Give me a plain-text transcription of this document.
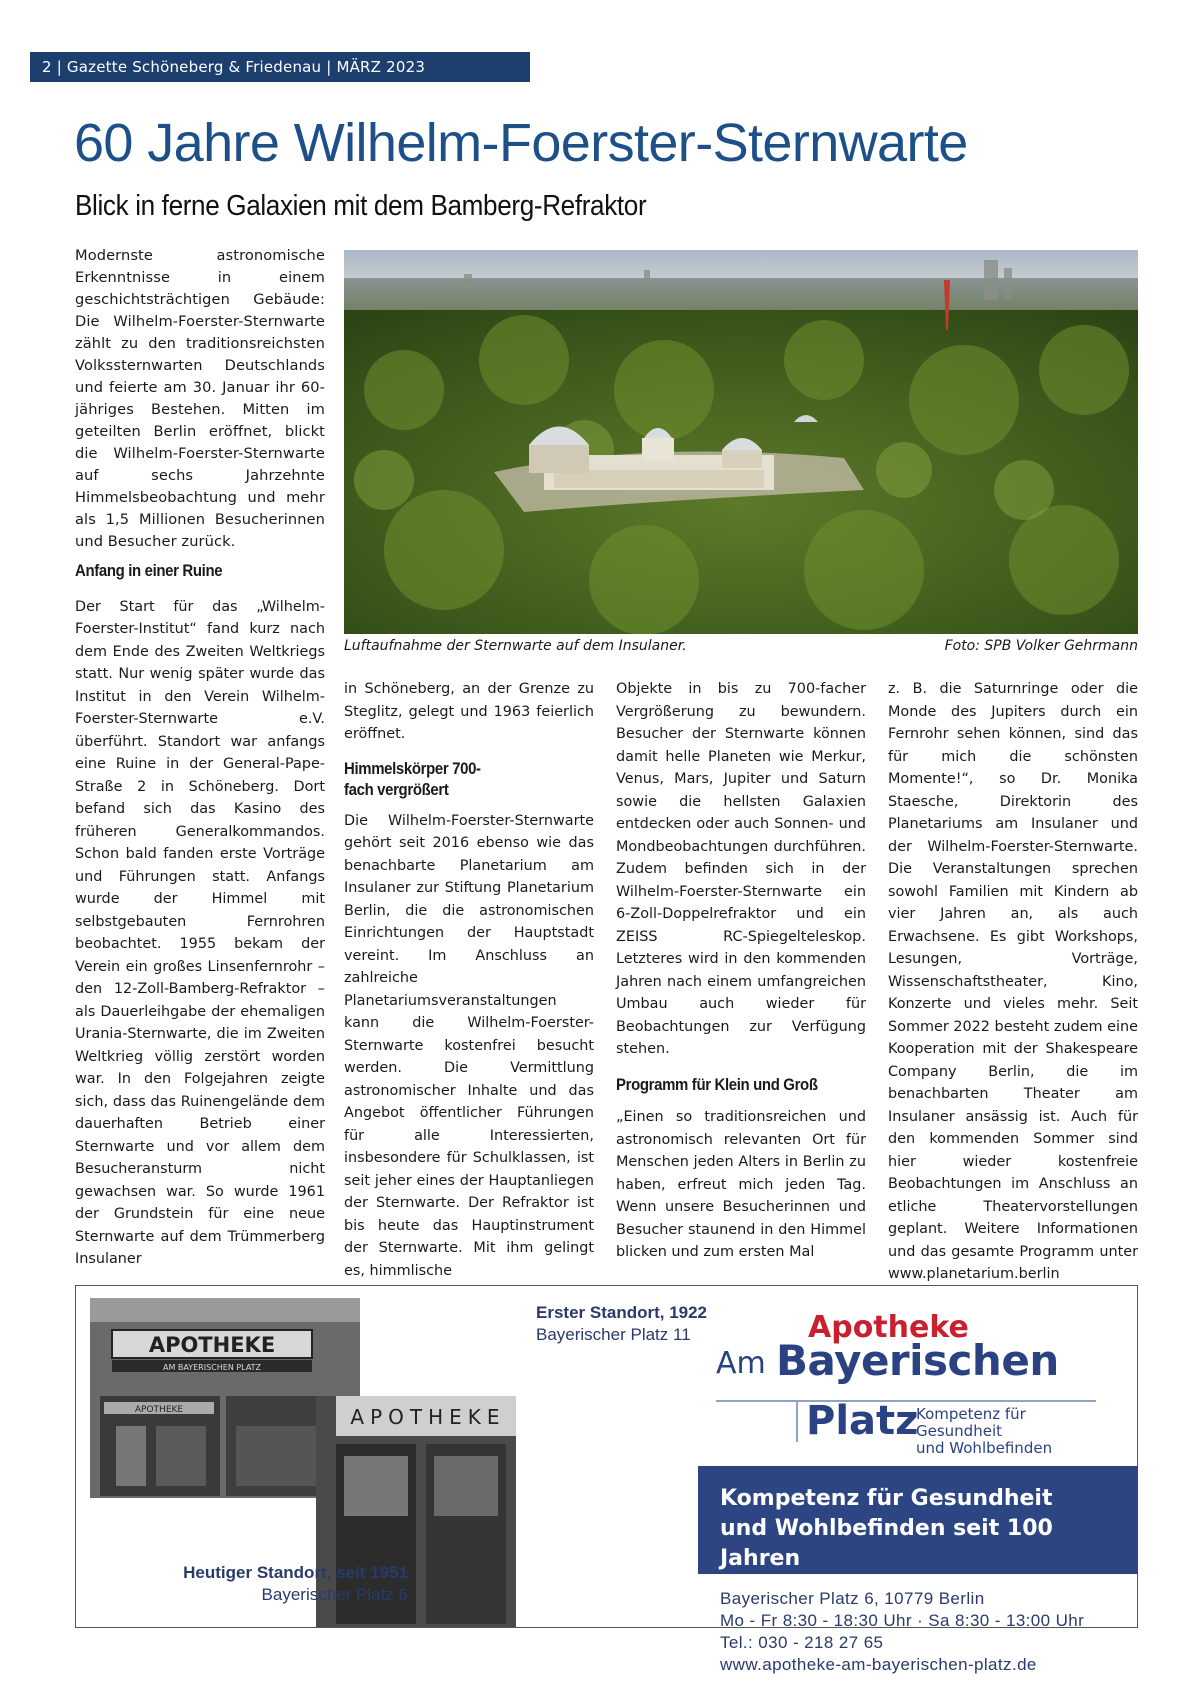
2 | Gazette Schöneberg & Friedenau | MÄRZ 2023
60 Jahre Wilhelm-Foerster-Sternwarte
Blick in ferne Galaxien mit dem Bamberg-Refraktor
Modernste astronomische Erkenntnisse in einem geschichtsträchtigen Gebäude: Die Wilhelm-Foerster-Sternwarte zählt zu den traditionsreichsten Volkssternwarten Deutschlands und feierte am 30. Januar ihr 60-jähriges Bestehen. Mitten im geteilten Berlin eröffnet, blickt die Wilhelm-Foerster-Sternwarte auf sechs Jahrzehnte Himmelsbeobachtung und mehr als 1,5 Millionen Besucherinnen und Besucher zurück.
Luftaufnahme der Sternwarte auf dem Insulaner.	Foto: SPB Volker Gehrmann
Anfang in einer Ruine

Der Start für das „Wilhelm-Foerster-Institut“ fand kurz nach dem Ende des Zweiten Weltkriegs statt. Nur wenig später wurde das Institut in den Verein Wilhelm-Foerster-Sternwarte e.V. überführt. Standort war anfangs eine Ruine in der General-Pape-Straße 2 in Schöneberg. Dort befand sich das Kasino des früheren Generalkommandos. Schon bald fanden erste Vorträge und Führungen statt. Anfangs wurde der Himmel mit selbstgebauten Fernrohren beobachtet. 1955 bekam der Verein ein großes Linsenfernrohr – den 12-Zoll-Bamberg-Refraktor – als Dauerleihgabe der ehemaligen Urania-Sternwarte, die im Zweiten Weltkrieg völlig zerstört worden war. In den Folgejahren zeigte sich, dass das Ruinengelände dem dauerhaften Betrieb einer Sternwarte und vor allem dem Besucheransturm nicht gewachsen war. So wurde 1961 der Grundstein für eine neue Sternwarte auf dem Trümmerberg Insulaner

in Schöneberg, an der Grenze zu Steglitz, gelegt und 1963 feierlich eröffnet.

Himmelskörper 700-
fach vergrößert

Die Wilhelm-Foerster-Sternwarte gehört seit 2016 ebenso wie das benachbarte Planetarium am Insulaner zur Stiftung Planetarium Berlin, die die astronomischen Einrichtungen der Hauptstadt vereint. Im Anschluss an zahlreiche Planetariumsveranstaltungen kann die Wilhelm-Foerster-Sternwarte kostenfrei besucht werden. Die Vermittlung astronomischer Inhalte und das Angebot öffentlicher Führungen für alle Interessierten, insbesondere für Schulklassen, ist seit jeher eines der Hauptanliegen der Sternwarte. Der Refraktor ist bis heute das Hauptinstrument der Sternwarte. Mit ihm gelingt es, himmlische

Objekte in bis zu 700-facher Vergrößerung zu bewundern. Besucher der Sternwarte können damit helle Planeten wie Merkur, Venus, Mars, Jupiter und Saturn sowie die hellsten Galaxien entdecken oder auch Sonnen- und Mondbeobachtungen durchführen. Zudem befinden sich in der Wilhelm-Foerster-Sternwarte ein 6-Zoll-Doppelrefraktor und ein ZEISS RC-Spiegelteleskop. Letzteres wird in den kommenden Jahren nach einem umfangreichen Umbau auch wieder für Beobachtungen zur Verfügung stehen.

Programm für Klein und Groß

„Einen so traditionsreichen und astronomisch relevanten Ort für Menschen jeden Alters in Berlin zu haben, erfreut mich jeden Tag. Wenn unsere Besucherinnen und Besucher staunend in den Himmel blicken und zum ersten Mal

z. B. die Saturnringe oder die Monde des Jupiters durch ein Fernrohr sehen können, sind das für mich die schönsten Momente!“, so Dr. Monika Staesche, Direktorin des Planetariums am Insulaner und der Wilhelm-Foerster-Sternwarte. Die Veranstaltungen sprechen sowohl Familien mit Kindern ab vier Jahren an, als auch Erwachsene. Es gibt Workshops, Lesungen, Vorträge, Wissenschaftstheater, Kino, Konzerte und vieles mehr. Seit Sommer 2022 besteht zudem eine Kooperation mit der Shakespeare Company Berlin, die im benachbarten Theater am Insulaner ansässig ist. Auch für den kommenden Sommer sind hier wieder kostenfreie Beobachtungen im Anschluss an etliche Theatervorstellungen geplant. Weitere Informationen und das gesamte Programm unter www.planetarium.berlin

APOTHEKE
AM BAYERISCHEN PLATZ
APOTHEKE	APOTHEKE
Erster Standort, 1922
Bayerischer Platz 11
Heutiger Standort, seit 1951
Bayerischer Platz 6
Apotheke
Am Bayerischen
Platz
Kompetenz für Gesundheit
und Wohlbefinden
Kompetenz für Gesundheit
und Wohlbefinden seit 100 Jahren
Bayerischer Platz 6, 10779 Berlin
Mo - Fr 8:30 - 18:30 Uhr · Sa 8:30 - 13:00 Uhr
Tel.: 030 - 218 27 65
www.apotheke-am-bayerischen-platz.de
